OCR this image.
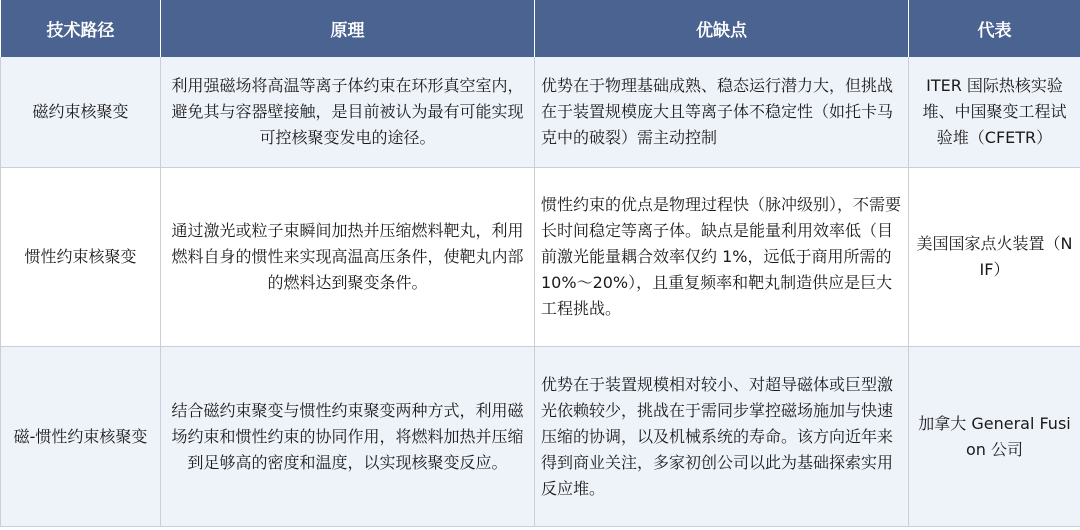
技术路径	原理	优缺点	代表
磁约束核聚变	利用强磁场将高温等离子体约束在环形真空室内，避免其与容器壁接触，是目前被认为最有可能实现可控核聚变发电的途径。	优势在于物理基础成熟、稳态运行潜力大，但挑战在于装置规模庞大且等离子体不稳定性（如托卡马克中的破裂）需主动控制	ITER 国际热核实验堆、中国聚变工程试验堆（CFETR）
惯性约束核聚变	通过激光或粒子束瞬间加热并压缩燃料靶丸，利用燃料自身的惯性来实现高温高压条件，使靶丸内部的燃料达到聚变条件。	惯性约束的优点是物理过程快（脉冲级别），不需要长时间稳定等离子体。缺点是能量利用效率低（目前激光能量耦合效率仅约 1%，远低于商用所需的 10%～20%），且重复频率和靶丸制造供应是巨大工程挑战。	美国国家点火装置（NIF）
磁-惯性约束核聚变	结合磁约束聚变与惯性约束聚变两种方式，利用磁场约束和惯性约束的协同作用，将燃料加热并压缩到足够高的密度和温度，以实现核聚变反应。	优势在于装置规模相对较小、对超导磁体或巨型激光依赖较少，挑战在于需同步掌控磁场施加与快速压缩的协调，以及机械系统的寿命。该方向近年来得到商业关注，多家初创公司以此为基础探索实用反应堆。	加拿大 General Fusion 公司
